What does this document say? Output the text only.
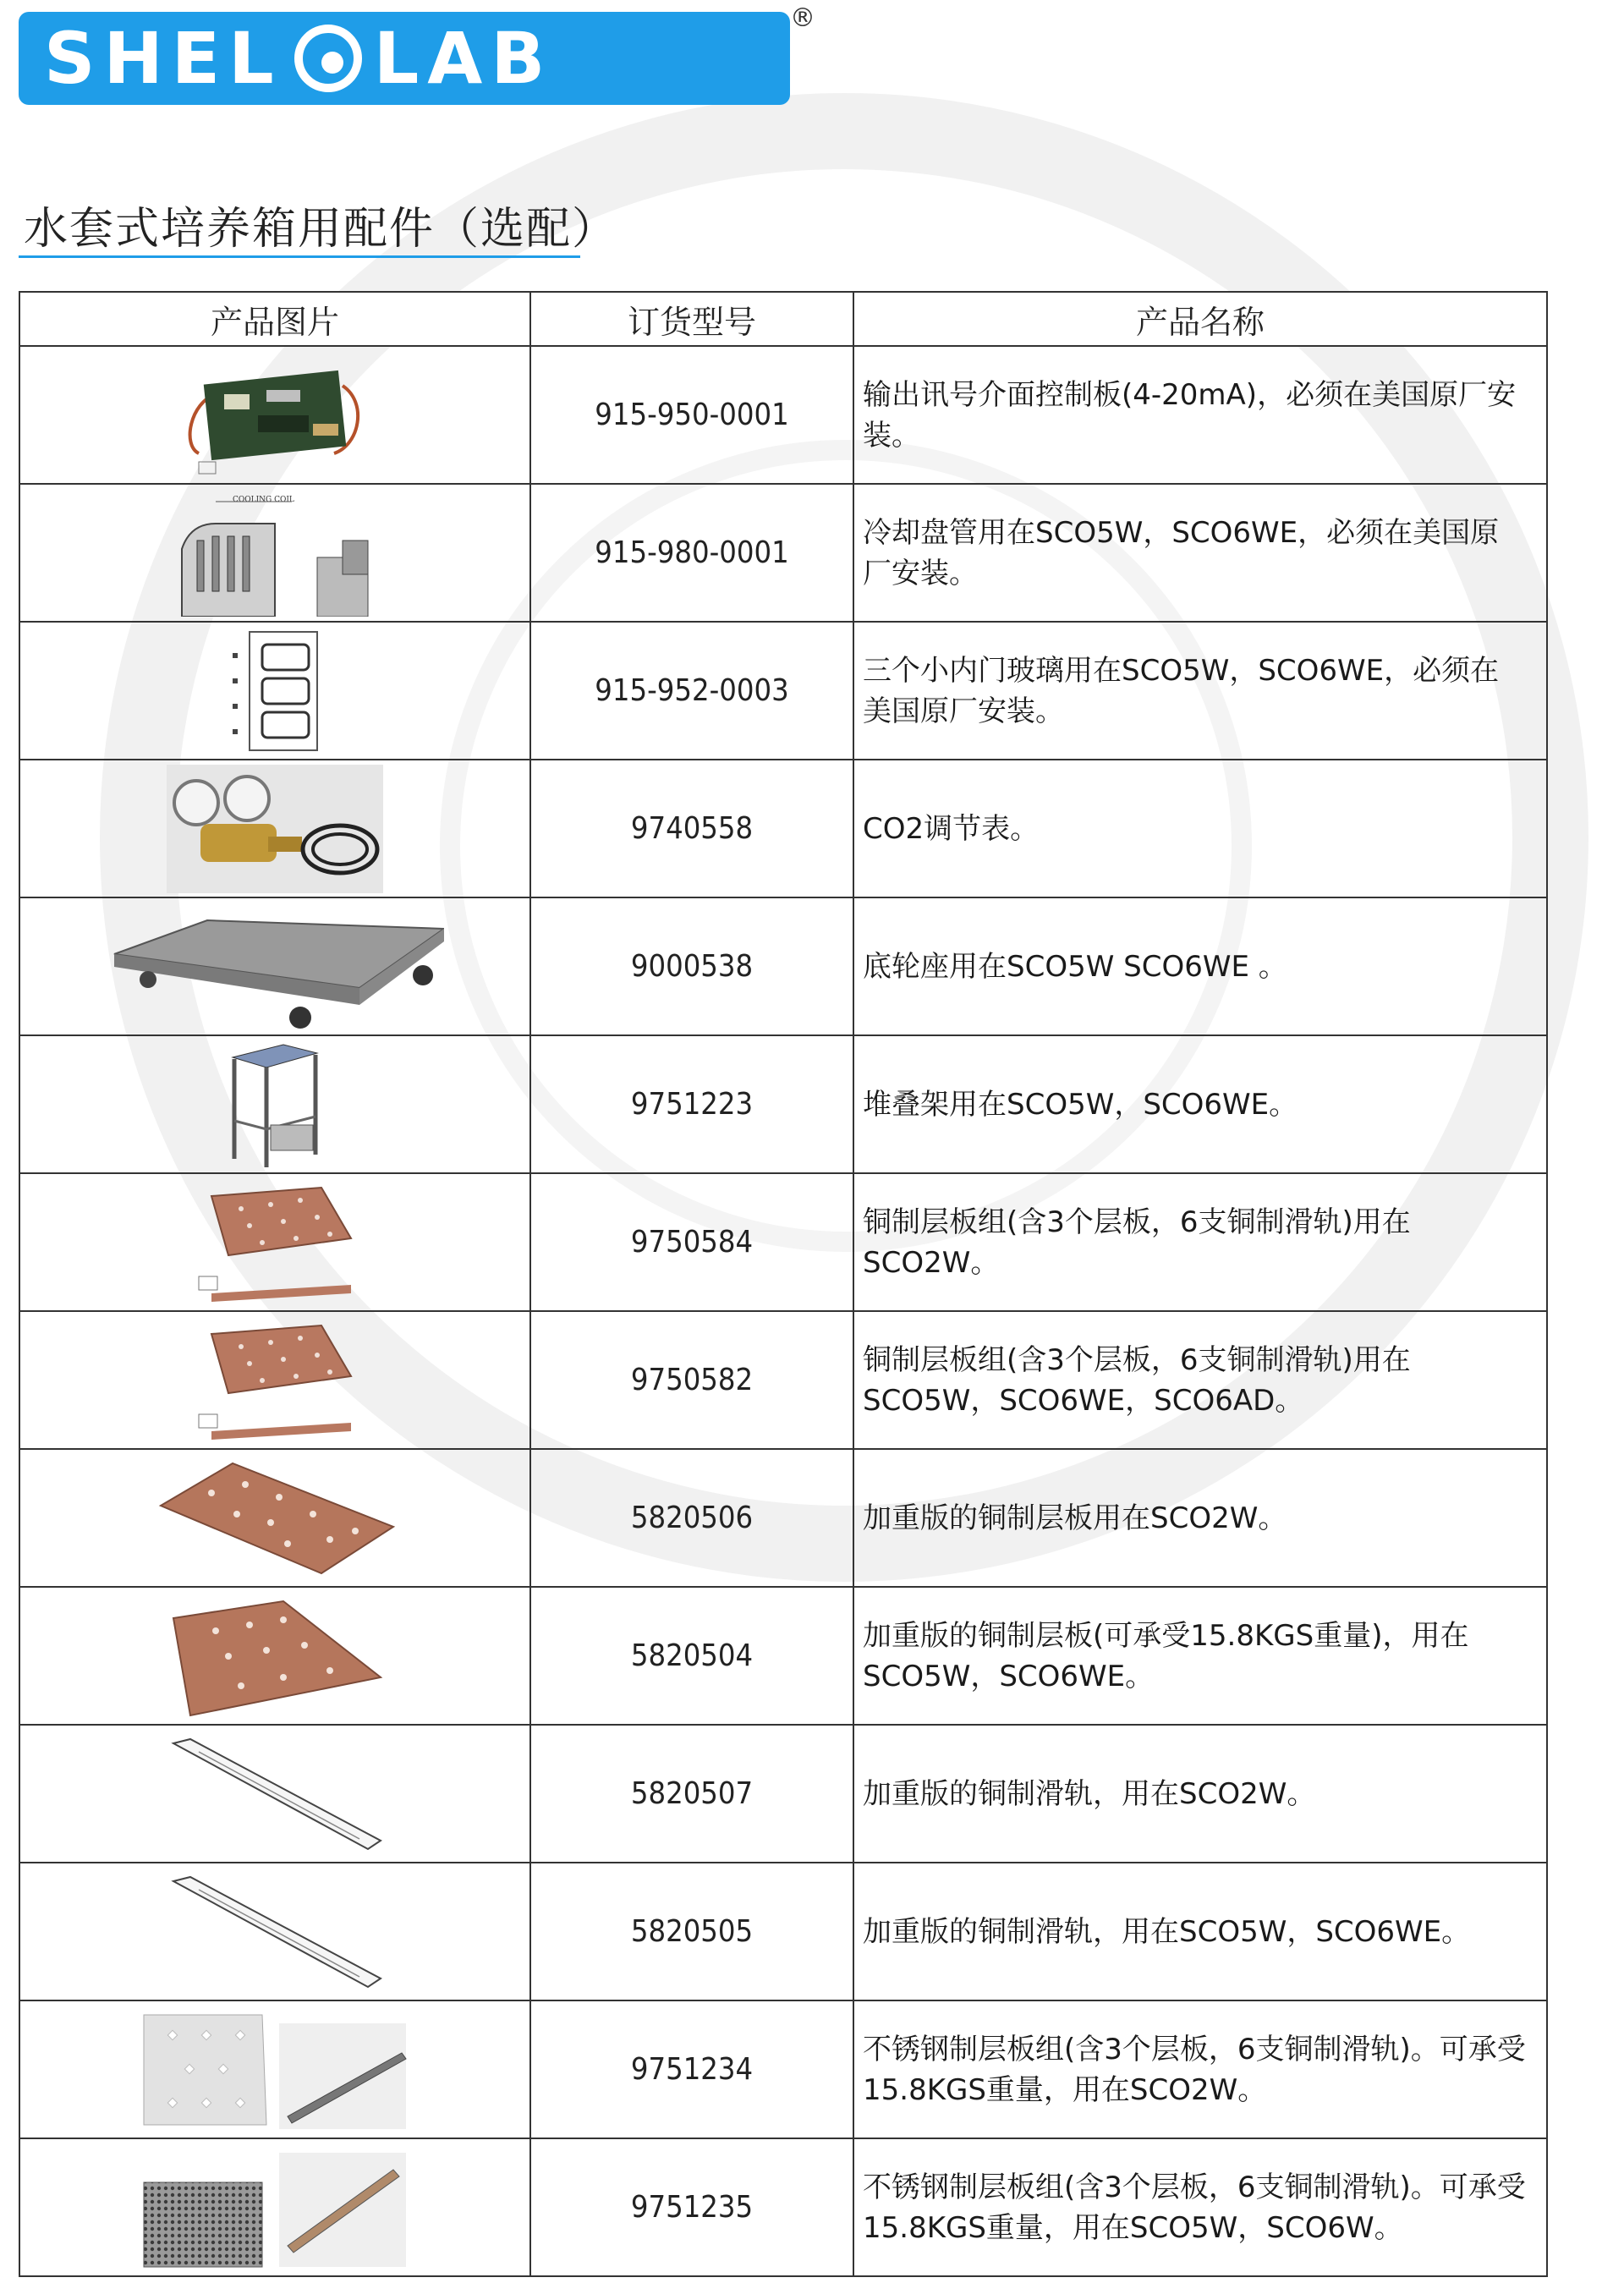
SHEL LAB	®
水套式培养箱用配件（选配）
产品图片	订货型号	产品名称

	915-950-0001	输出讯号介面控制板(4-20mA)，必须在美国原厂安装。

COOLING COIL	915-980-0001	冷却盘管用在SCO5W，SCO6WE，必须在美国原厂安装。

	915-952-0003	三个小内门玻璃用在SCO5W，SCO6WE，必须在美国原厂安装。

	9740558	CO2调节表。

	9000538	底轮座用在SCO5W SCO6WE 。

	9751223	堆叠架用在SCO5W，SCO6WE。

	9750584	铜制层板组(含3个层板，6支铜制滑轨)用在SCO2W。

	9750582	铜制层板组(含3个层板，6支铜制滑轨)用在SCO5W，SCO6WE，SCO6AD。

	5820506	加重版的铜制层板用在SCO2W。

	5820504	加重版的铜制层板(可承受15.8KGS重量)，用在SCO5W，SCO6WE。

	5820507	加重版的铜制滑轨，用在SCO2W。

	5820505	加重版的铜制滑轨，用在SCO5W，SCO6WE。

	9751234	不锈钢制层板组(含3个层板，6支铜制滑轨)。可承受15.8KGS重量，用在SCO2W。

	9751235	不锈钢制层板组(含3个层板，6支铜制滑轨)。可承受15.8KGS重量，用在SCO5W，SCO6W。
